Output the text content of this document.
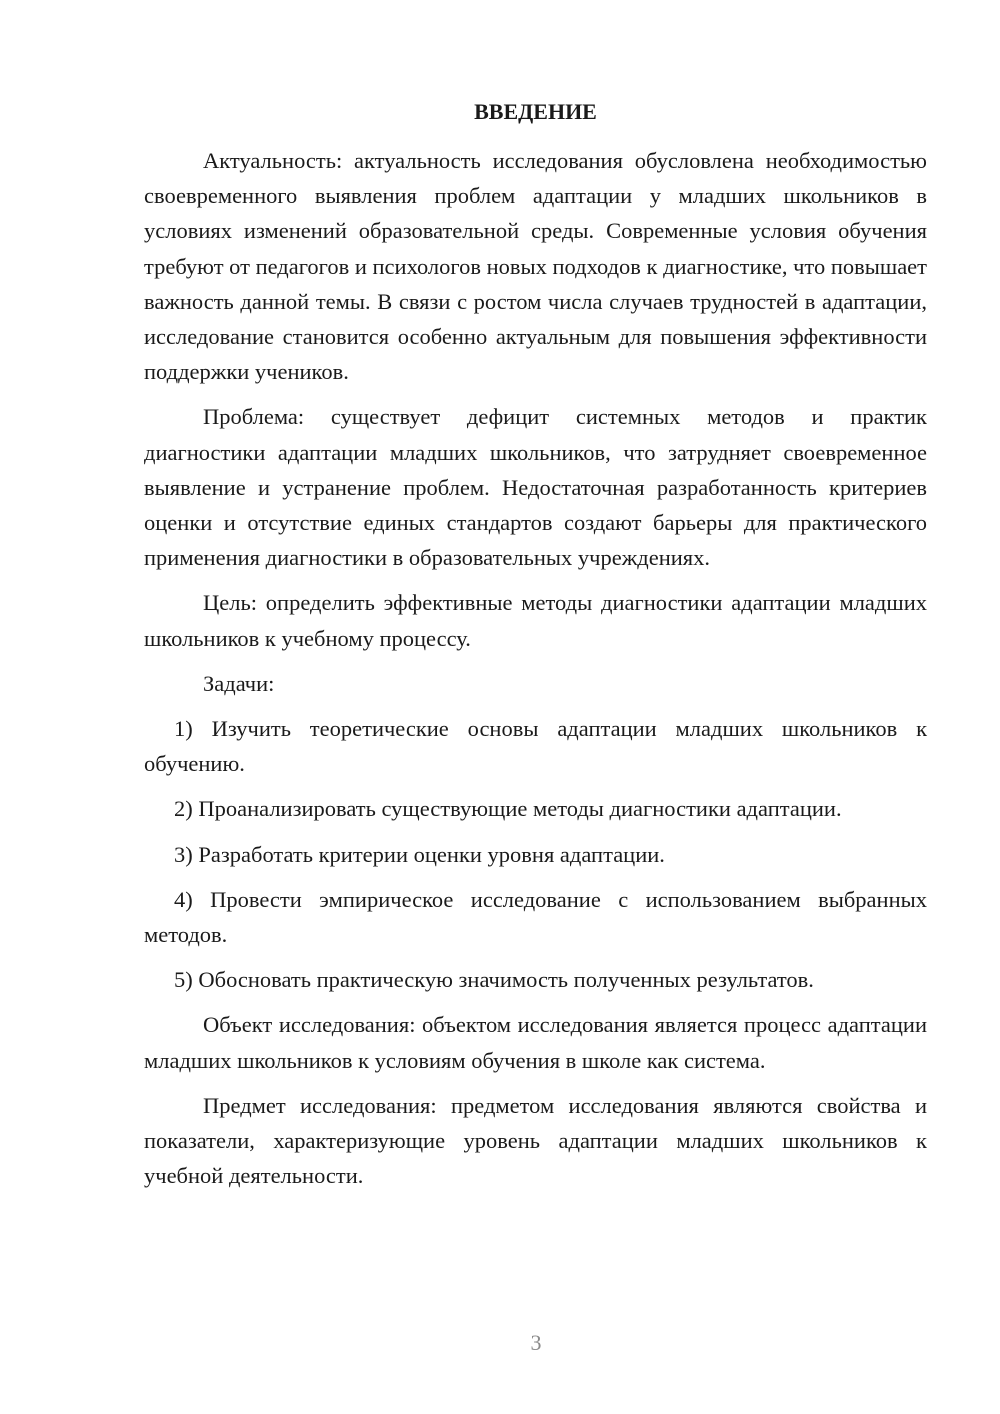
ВВЕДЕНИЕ

Актуальность: актуальность исследования обусловлена необходимостью своевременного выявления проблем адаптации у младших школьников в условиях изменений образовательной среды. Современные условия обучения требуют от педагогов и психологов новых подходов к диагностике, что повышает важность данной темы. В связи с ростом числа случаев трудностей в адаптации, исследование становится особенно актуальным для повышения эффективности поддержки учеников.

Проблема: существует дефицит системных методов и практик диагностики адаптации младших школьников, что затрудняет своевременное выявление и устранение проблем. Недостаточная разработанность критериев оценки и отсутствие единых стандартов создают барьеры для практического применения диагностики в образовательных учреждениях.

Цель: определить эффективные методы диагностики адаптации младших школьников к учебному процессу.

Задачи:

1) Изучить теоретические основы адаптации младших школьников к обучению.

2) Проанализировать существующие методы диагностики адаптации.

3) Разработать критерии оценки уровня адаптации.

4) Провести эмпирическое исследование с использованием выбранных методов.

5) Обосновать практическую значимость полученных результатов.

Объект исследования: объектом исследования является процесс адаптации младших школьников к условиям обучения в школе как система.

Предмет исследования: предметом исследования являются свойства и показатели, характеризующие уровень адаптации младших школьников к учебной деятельности.

3
